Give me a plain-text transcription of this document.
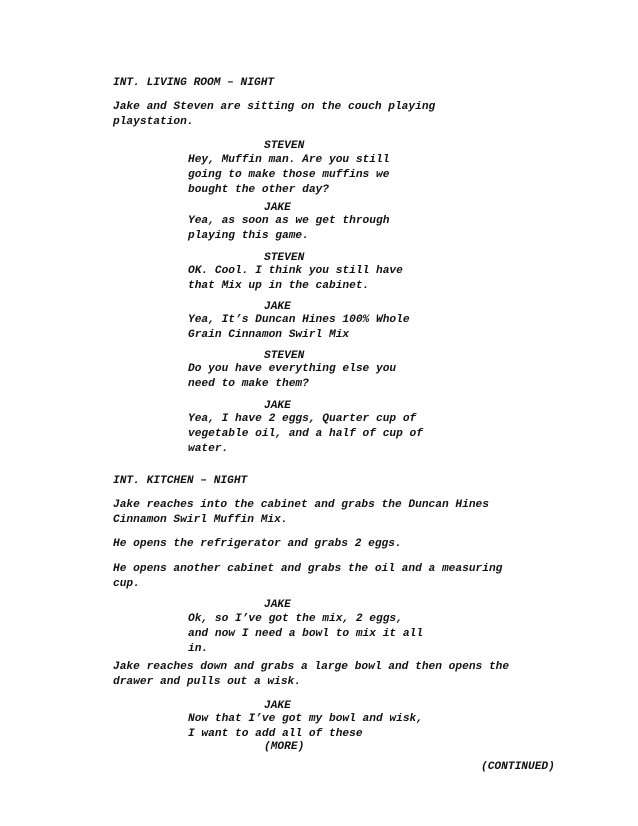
INT. LIVING ROOM – NIGHT
Jake and Steven are sitting on the couch playing
playstation.
STEVEN
Hey, Muffin man. Are you still
going to make those muffins we
bought the other day?
JAKE
Yea, as soon as we get through
playing this game.
STEVEN
OK. Cool. I think you still have
that Mix up in the cabinet.
JAKE
Yea, It’s Duncan Hines 100% Whole
Grain Cinnamon Swirl Mix
STEVEN
Do you have everything else you
need to make them?
JAKE
Yea, I have 2 eggs, Quarter cup of
vegetable oil, and a half of cup of
water.
INT. KITCHEN – NIGHT
Jake reaches into the cabinet and grabs the Duncan Hines
Cinnamon Swirl Muffin Mix.
He opens the refrigerator and grabs 2 eggs.
He opens another cabinet and grabs the oil and a measuring
cup.
JAKE
Ok, so I’ve got the mix, 2 eggs,
and now I need a bowl to mix it all
in.
Jake reaches down and grabs a large bowl and then opens the
drawer and pulls out a wisk.
JAKE
Now that I’ve got my bowl and wisk,
I want to add all of these
(MORE)
(CONTINUED)
